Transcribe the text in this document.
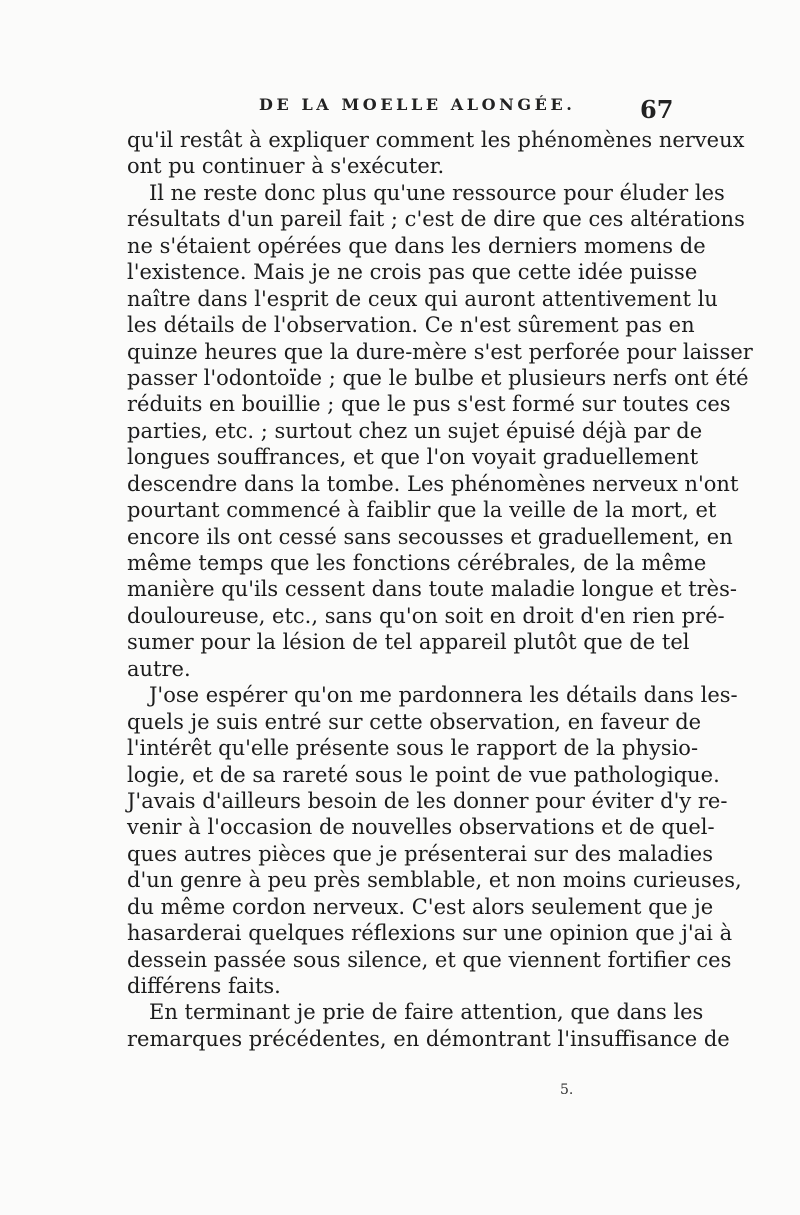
DE LA MOELLE ALONGÉE.	67
qu'il restât à expliquer comment les phénomènes nerveux
ont pu continuer à s'exécuter.
Il ne reste donc plus qu'une ressource pour éluder les
résultats d'un pareil fait ; c'est de dire que ces altérations
ne s'étaient opérées que dans les derniers momens de
l'existence. Mais je ne crois pas que cette idée puisse
naître dans l'esprit de ceux qui auront attentivement lu
les détails de l'observation. Ce n'est sûrement pas en
quinze heures que la dure-mère s'est perforée pour laisser
passer l'odontoïde ; que le bulbe et plusieurs nerfs ont été
réduits en bouillie ; que le pus s'est formé sur toutes ces
parties, etc. ; surtout chez un sujet épuisé déjà par de
longues souffrances, et que l'on voyait graduellement
descendre dans la tombe. Les phénomènes nerveux n'ont
pourtant commencé à faiblir que la veille de la mort, et
encore ils ont cessé sans secousses et graduellement, en
même temps que les fonctions cérébrales, de la même
manière qu'ils cessent dans toute maladie longue et très-
douloureuse, etc., sans qu'on soit en droit d'en rien pré-
sumer pour la lésion de tel appareil plutôt que de tel
autre.
J'ose espérer qu'on me pardonnera les détails dans les-
quels je suis entré sur cette observation, en faveur de
l'intérêt qu'elle présente sous le rapport de la physio-
logie, et de sa rareté sous le point de vue pathologique.
J'avais d'ailleurs besoin de les donner pour éviter d'y re-
venir à l'occasion de nouvelles observations et de quel-
ques autres pièces que je présenterai sur des maladies
d'un genre à peu près semblable, et non moins curieuses,
du même cordon nerveux. C'est alors seulement que je
hasarderai quelques réflexions sur une opinion que j'ai à
dessein passée sous silence, et que viennent fortifier ces
différens faits.
En terminant je prie de faire attention, que dans les
remarques précédentes, en démontrant l'insuffisance de
5.
